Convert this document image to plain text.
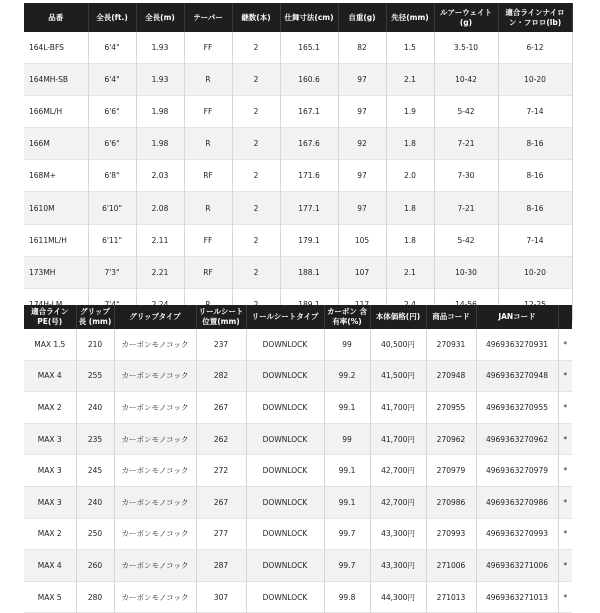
品番	全長(ft.)	全長(m)	テーパー	継数(本)	仕舞寸法(cm)	自重(g)	先径(mm)	ルアーウェイト(g)	適合ラインナイロン・フロロ(lb)
164L-BFS	6'4"	1.93	FF	2	165.1	82	1.5	3.5-10	6-12
164MH-SB	6'4"	1.93	R	2	160.6	97	2.1	10-42	10-20
166ML/H	6'6"	1.98	FF	2	167.1	97	1.9	5-42	7-14
166M	6'6"	1.98	R	2	167.6	92	1.8	7-21	8-16
168M+	6'8"	2.03	RF	2	171.6	97	2.0	7-30	8-16
1610M	6'10"	2.08	R	2	177.1	97	1.8	7-21	8-16
1611ML/H	6'11"	2.11	FF	2	179.1	105	1.8	5-42	7-14
173MH	7'3"	2.21	RF	2	188.1	107	2.1	10-30	10-20

適合ライン PE(号)	グリップ長 (mm)	グリップタイプ	リールシート 位置(mm)	リールシートタイプ	カーボン 含有率(%)	本体価格(円)	商品コード	JANコード	
MAX 1.5	210	カーボンモノコック	237	DOWNLOCK	99	40,500円	270931	4969363270931	*
MAX 4	255	カーボンモノコック	282	DOWNLOCK	99.2	41,500円	270948	4969363270948	*
MAX 2	240	カーボンモノコック	267	DOWNLOCK	99.1	41,700円	270955	4969363270955	*
MAX 3	235	カーボンモノコック	262	DOWNLOCK	99	41,700円	270962	4969363270962	*
MAX 3	245	カーボンモノコック	272	DOWNLOCK	99.1	42,700円	270979	4969363270979	*
MAX 3	240	カーボンモノコック	267	DOWNLOCK	99.1	42,700円	270986	4969363270986	*
MAX 2	250	カーボンモノコック	277	DOWNLOCK	99.7	43,300円	270993	4969363270993	*
MAX 4	260	カーボンモノコック	287	DOWNLOCK	99.7	43,300円	271006	4969363271006	*
MAX 5	280	カーボンモノコック	307	DOWNLOCK	99.8	44,300円	271013	4969363271013	*
